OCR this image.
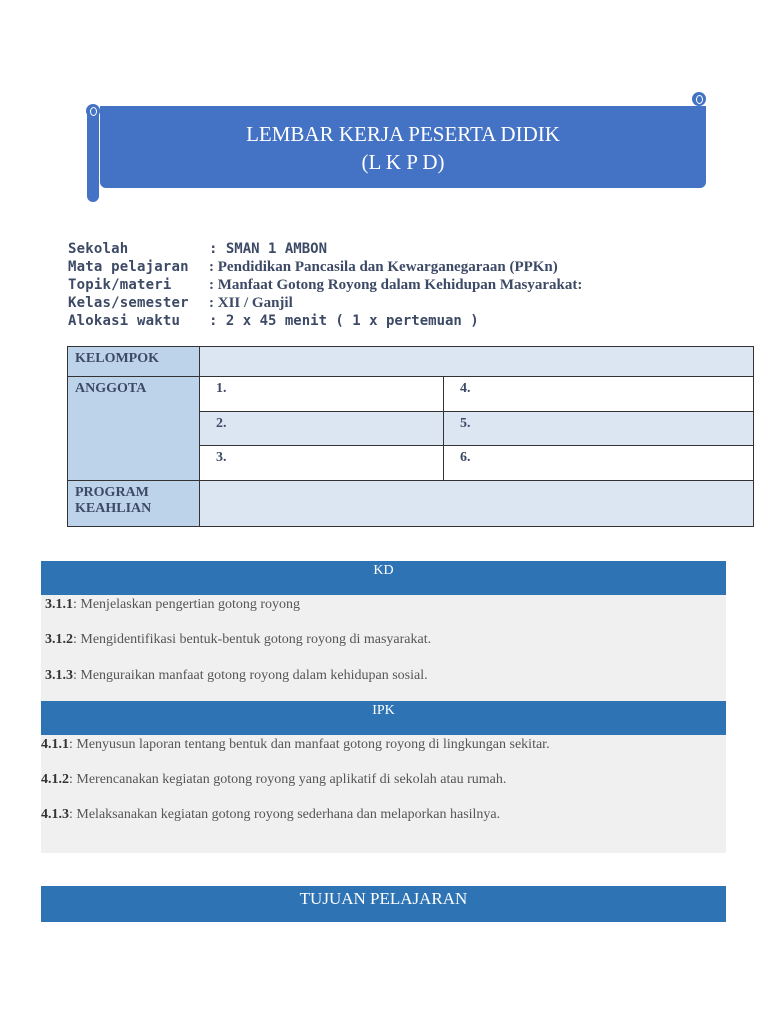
LEMBAR KERJA PESERTA DIDIK
(L K P D)
Sekolah	: SMAN 1 AMBON
Mata pelajaran	: Pendidikan Pancasila dan Kewarganegaraan (PPKn)
Topik/materi	: Manfaat Gotong Royong dalam Kehidupan Masyarakat:
Kelas/semester	: XII / Ganjil
Alokasi waktu	: 2 x 45 menit ( 1 x pertemuan )
KELOMPOK		
ANGGOTA	1.	4.
	2.	5.
	3.	6.

PROGRAM
KEAHLIAN		

KD
3.1.1: Menjelaskan pengertian gotong royong
3.1.2: Mengidentifikasi bentuk-bentuk gotong royong di masyarakat.
3.1.3: Menguraikan manfaat gotong royong dalam kehidupan sosial.
IPK
4.1.1: Menyusun laporan tentang bentuk dan manfaat gotong royong di lingkungan sekitar.
4.1.2: Merencanakan kegiatan gotong royong yang aplikatif di sekolah atau rumah.
4.1.3: Melaksanakan kegiatan gotong royong sederhana dan melaporkan hasilnya.
TUJUAN PELAJARAN
